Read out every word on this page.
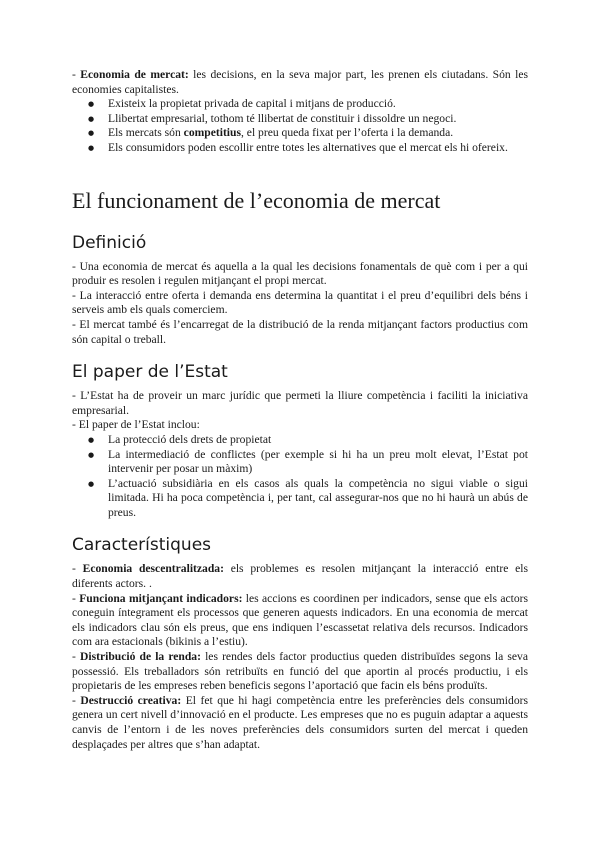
- Economia de mercat: les decisions, en la seva major part, les prenen els ciutadans. Són les economies capitalistes.

● Existeix la propietat privada de capital i mitjans de producció.
● Llibertat empresarial, tothom té llibertat de constituir i dissoldre un negoci.
● Els mercats són competitius, el preu queda fixat per l’oferta i la demanda.
● Els consumidors poden escollir entre totes les alternatives que el mercat els hi ofereix.
El funcionament de l’economia de mercat
Definició

- Una economia de mercat és aquella a la qual les decisions fonamentals de què com i per a qui produir es resolen i regulen mitjançant el propi mercat.

- La interacció entre oferta i demanda ens determina la quantitat i el preu d’equilibri dels béns i serveis amb els quals comerciem.

- El mercat també és l’encarregat de la distribució de la renda mitjançant factors productius com són capital o treball.

El paper de l’Estat

- L’Estat ha de proveir un marc jurídic que permeti la lliure competència i faciliti la iniciativa empresarial.

- El paper de l’Estat inclou:

● La protecció dels drets de propietat
● La intermediació de conflictes (per exemple si hi ha un preu molt elevat, l’Estat pot intervenir per posar un màxim)
● L’actuació subsidiària en els casos als quals la competència no sigui viable o sigui limitada. Hi ha poca competència i, per tant, cal assegurar-nos que no hi haurà un abús de preus.
Característiques

- Economia descentralitzada: els problemes es resolen mitjançant la interacció entre els diferents actors. .

- Funciona mitjançant indicadors: les accions es coordinen per indicadors, sense que els actors coneguin íntegrament els processos que generen aquests indicadors. En una economia de mercat els indicadors clau són els preus, que ens indiquen l’escassetat relativa dels recursos. Indicadors com ara estacionals (bikinis a l’estiu).

- Distribució de la renda: les rendes dels factor productius queden distribuïdes segons la seva possessió. Els treballadors són retribuïts en funció del que aportin al procés productiu, i els propietaris de les empreses reben beneficis segons l’aportació que facin els béns produïts.

- Destrucció creativa: El fet que hi hagi competència entre les preferències dels consumidors genera un cert nivell d’innovació en el producte. Les empreses que no es puguin adaptar a aquests canvis de l’entorn i de les noves preferències dels consumidors surten del mercat i queden desplaçades per altres que s’han adaptat.
